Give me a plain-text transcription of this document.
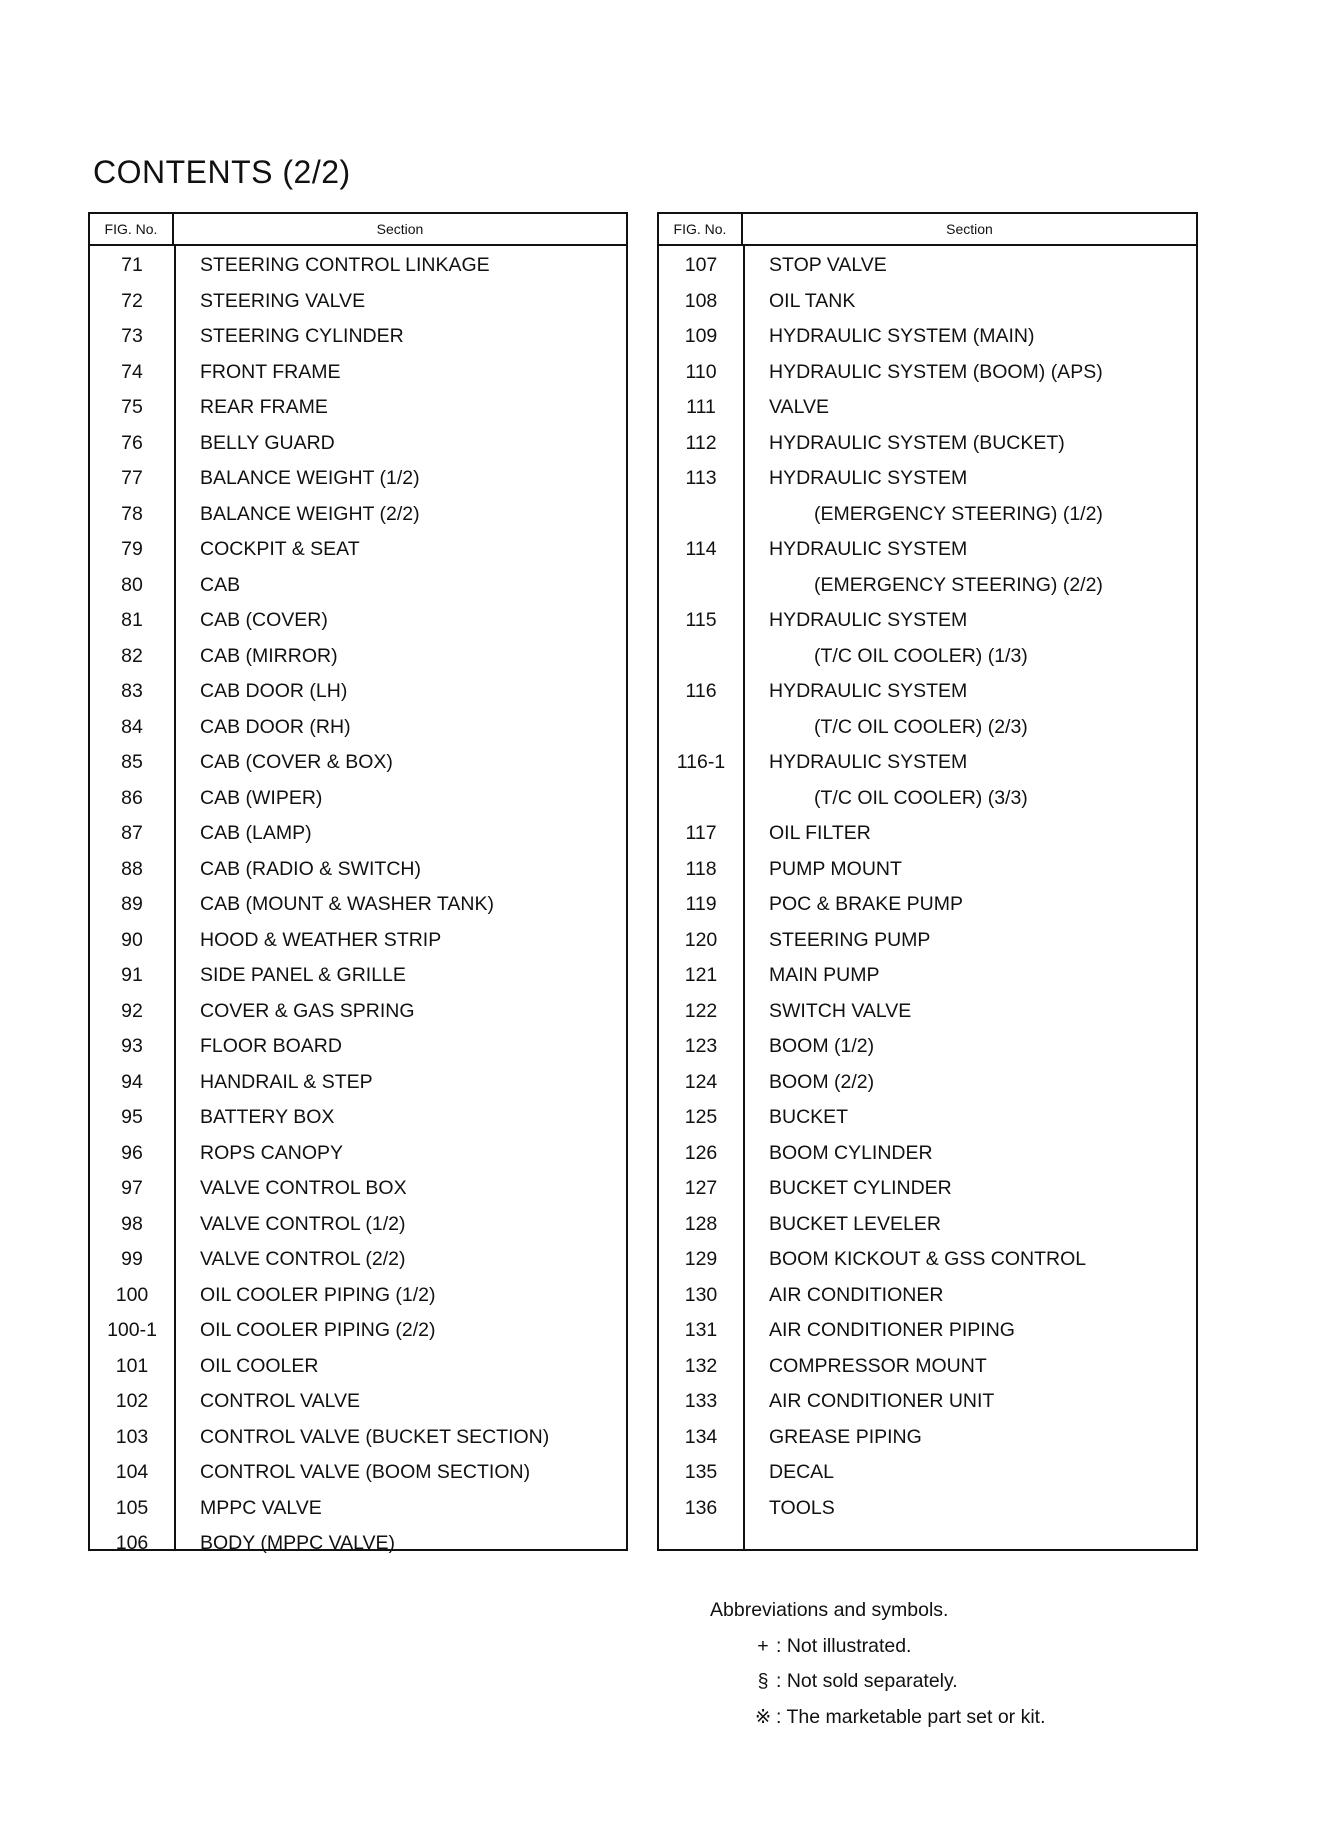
CONTENTS (2/2)
FIG. No.	Section
71	STEERING CONTROL LINKAGE
72	STEERING VALVE
73	STEERING CYLINDER
74	FRONT FRAME
75	REAR FRAME
76	BELLY GUARD
77	BALANCE WEIGHT (1/2)
78	BALANCE WEIGHT (2/2)
79	COCKPIT & SEAT
80	CAB
81	CAB (COVER)
82	CAB (MIRROR)
83	CAB DOOR (LH)
84	CAB DOOR (RH)
85	CAB (COVER & BOX)
86	CAB (WIPER)
87	CAB (LAMP)
88	CAB (RADIO & SWITCH)
89	CAB (MOUNT & WASHER TANK)
90	HOOD & WEATHER STRIP
91	SIDE PANEL & GRILLE
92	COVER & GAS SPRING
93	FLOOR BOARD
94	HANDRAIL & STEP
95	BATTERY BOX
96	ROPS CANOPY
97	VALVE CONTROL BOX
98	VALVE CONTROL (1/2)
99	VALVE CONTROL (2/2)
100	OIL COOLER PIPING (1/2)
100-1	OIL COOLER PIPING (2/2)
101	OIL COOLER
102	CONTROL VALVE
103	CONTROL VALVE (BUCKET SECTION)
104	CONTROL VALVE (BOOM SECTION)
105	MPPC VALVE
106	BODY (MPPC VALVE)
FIG. No.	Section
107	STOP VALVE
108	OIL TANK
109	HYDRAULIC SYSTEM (MAIN)
110	HYDRAULIC SYSTEM (BOOM) (APS)
111	VALVE
112	HYDRAULIC SYSTEM (BUCKET)
113	HYDRAULIC SYSTEM
(EMERGENCY STEERING) (1/2)
114	HYDRAULIC SYSTEM
(EMERGENCY STEERING) (2/2)
115	HYDRAULIC SYSTEM
(T/C OIL COOLER) (1/3)
116	HYDRAULIC SYSTEM
(T/C OIL COOLER) (2/3)
116-1	HYDRAULIC SYSTEM
(T/C OIL COOLER) (3/3)
117	OIL FILTER
118	PUMP MOUNT
119	POC & BRAKE PUMP
120	STEERING PUMP
121	MAIN PUMP
122	SWITCH VALVE
123	BOOM (1/2)
124	BOOM (2/2)
125	BUCKET
126	BOOM CYLINDER
127	BUCKET CYLINDER
128	BUCKET LEVELER
129	BOOM KICKOUT & GSS CONTROL
130	AIR CONDITIONER
131	AIR CONDITIONER PIPING
132	COMPRESSOR MOUNT
133	AIR CONDITIONER UNIT
134	GREASE PIPING
135	DECAL
136	TOOLS
Abbreviations and symbols.
+ : Not illustrated.
§ : Not sold separately.
※ : The marketable part set or kit.
